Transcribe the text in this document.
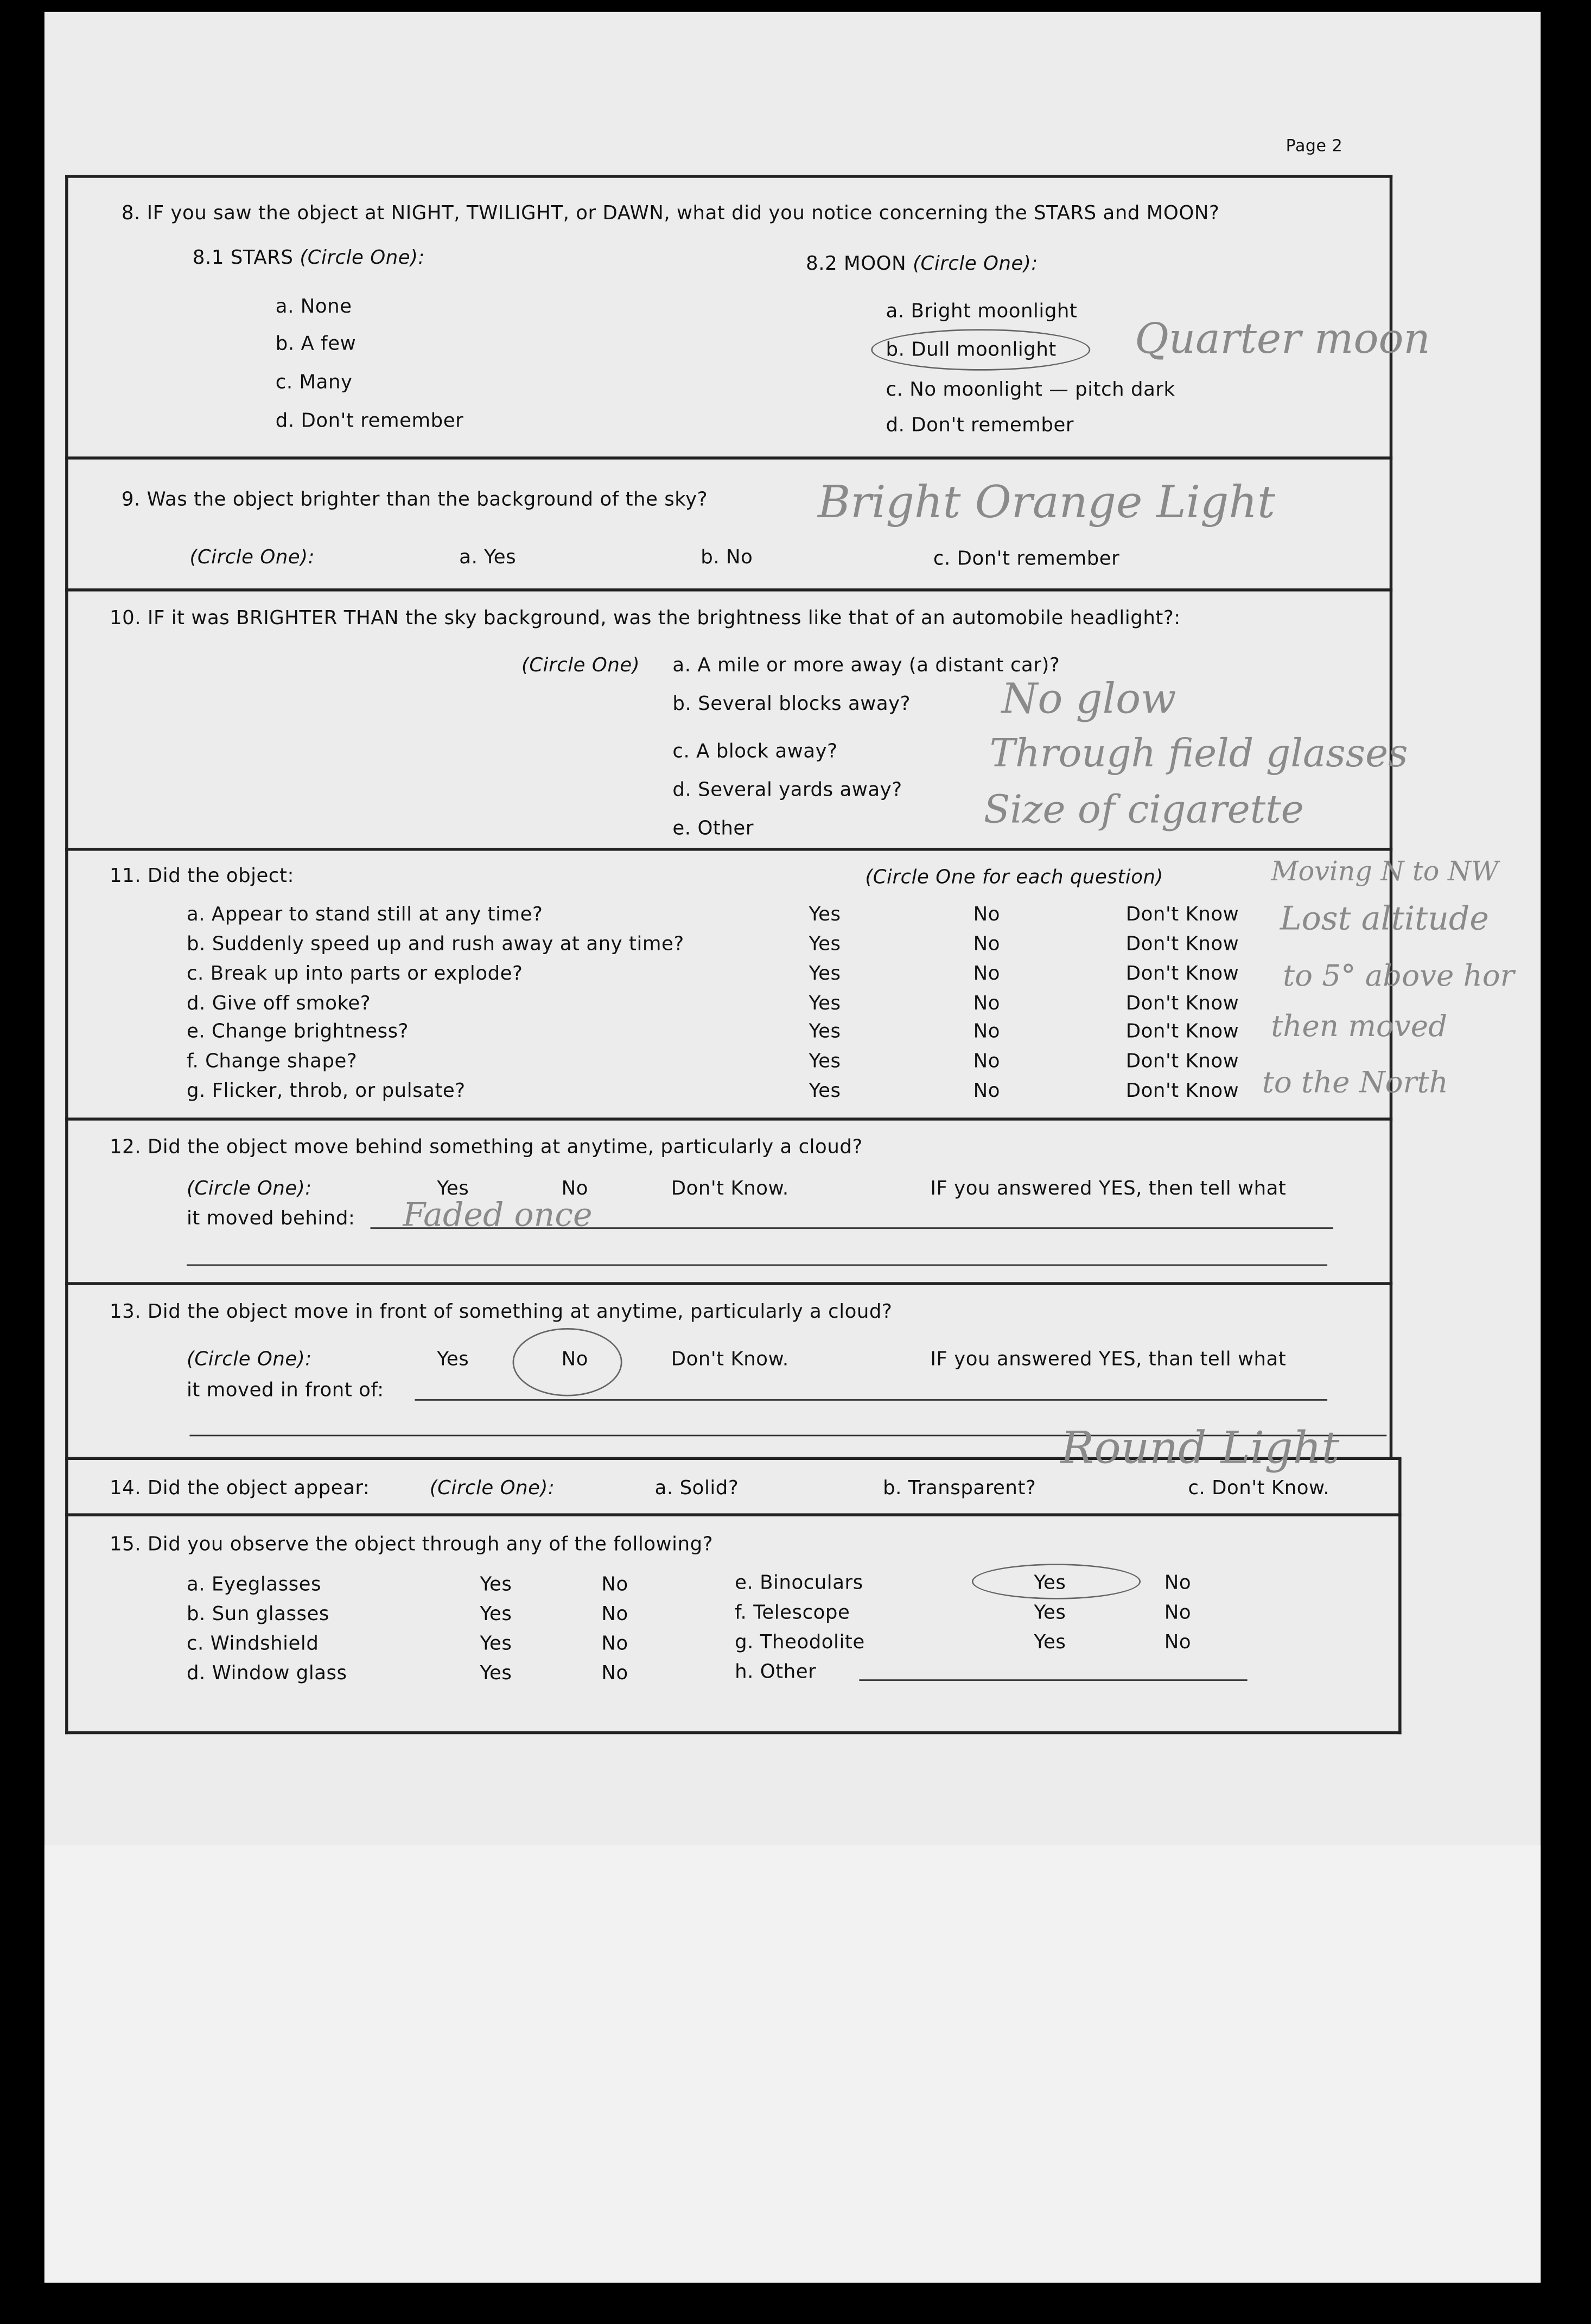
Page 2
8. IF you saw the object at NIGHT, TWILIGHT, or DAWN, what did you notice concerning the STARS and MOON?
8.1 STARS (Circle One):
a. None
b. A few
c. Many
d. Don't remember
8.2 MOON (Circle One):
a. Bright moonlight
b. Dull moonlight
c. No moonlight — pitch dark
d. Don't remember
Quarter moon
9. Was the object brighter than the background of the sky?
(Circle One):	a. Yes	b. No	c. Don't remember
Bright Orange Light
10. IF it was BRIGHTER THAN the sky background, was the brightness like that of an automobile headlight?:
(Circle One)	a. A mile or more away (a distant car)?
b. Several blocks away?
c. A block away?
d. Several yards away?
e. Other
No glow
Through field glasses
Size of cigarette
11. Did the object:	(Circle One for each question)
a. Appear to stand still at any time?	Yes	No	Don't Know
b. Suddenly speed up and rush away at any time?	Yes	No	Don't Know
c. Break up into parts or explode?	Yes	No	Don't Know
d. Give off smoke?	Yes	No	Don't Know
e. Change brightness?	Yes	No	Don't Know
f. Change shape?	Yes	No	Don't Know
g. Flicker, throb, or pulsate?	Yes	No	Don't Know
Moving N to NW
Lost altitude
to 5° above hor
then moved
to the North
12. Did the object move behind something at anytime, particularly a cloud?
(Circle One):	Yes	No	Don't Know.	IF you answered YES, then tell what
it moved behind:	Faded once
13. Did the object move in front of something at anytime, particularly a cloud?
(Circle One):	Yes	No	Don't Know.	IF you answered YES, than tell what
it moved in front of:
14. Did the object appear:	(Circle One):	a. Solid?	b. Transparent?	c. Don't Know.
Round Light
15. Did you observe the object through any of the following?
a. Eyeglasses	Yes	No	e. Binoculars	Yes	No
b. Sun glasses	Yes	No	f. Telescope	Yes	No
c. Windshield	Yes	No	g. Theodolite	Yes	No
d. Window glass	Yes	No	h. Other
